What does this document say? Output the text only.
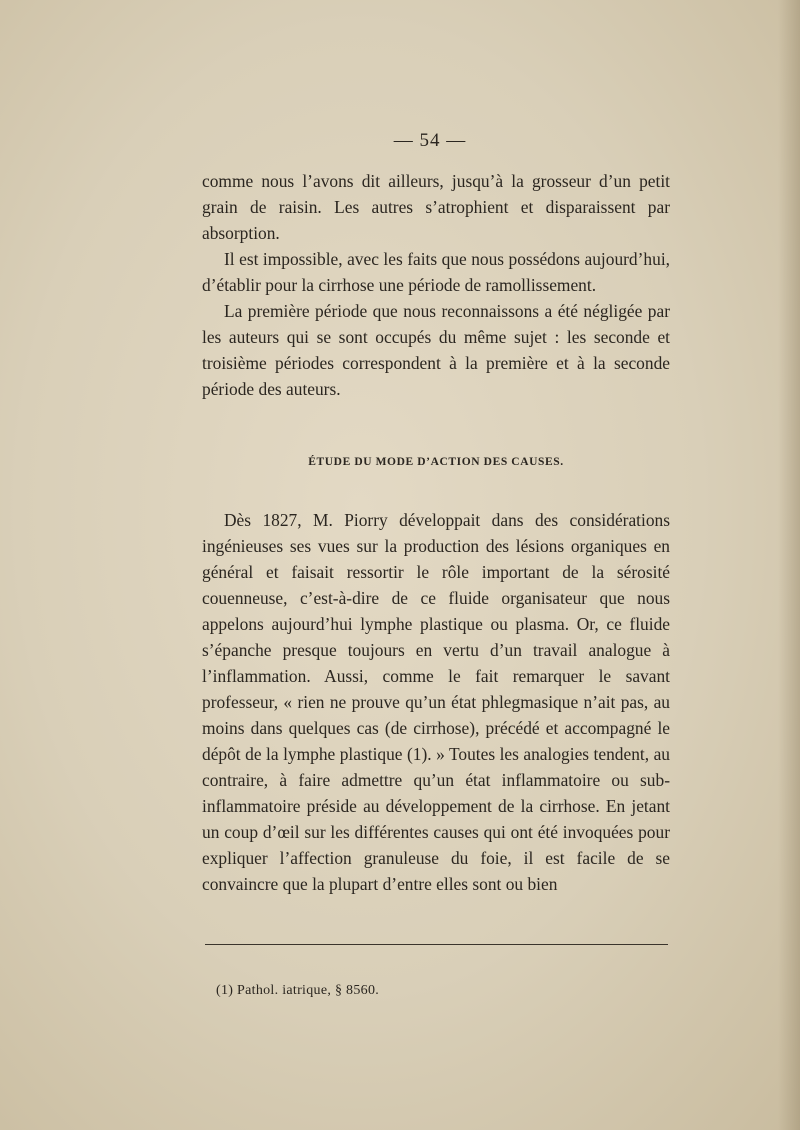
— 54 —

comme nous l’avons dit ailleurs, jusqu’à la grosseur d’un petit grain de raisin. Les autres s’atrophient et disparaissent par absorption.

Il est impossible, avec les faits que nous possédons aujourd’hui, d’établir pour la cirrhose une période de ramollissement.

La première période que nous reconnaissons a été négligée par les auteurs qui se sont occupés du même sujet : les seconde et troisième périodes correspondent à la première et à la seconde période des auteurs.

ÉTUDE DU MODE D’ACTION DES CAUSES.

Dès 1827, M. Piorry développait dans des considérations ingénieuses ses vues sur la production des lésions organiques en général et faisait ressortir le rôle important de la sérosité couenneuse, c’est-à-dire de ce fluide organisateur que nous appelons aujourd’hui lymphe plastique ou plasma. Or, ce fluide s’épanche presque toujours en vertu d’un travail analogue à l’inflammation. Aussi, comme le fait remarquer le savant professeur, « rien ne prouve qu’un état phlegmasique n’ait pas, au moins dans quelques cas (de cirrhose), précédé et accompagné le dépôt de la lymphe plastique (1). » Toutes les analogies tendent, au contraire, à faire admettre qu’un état inflammatoire ou sub-inflammatoire préside au développement de la cirrhose. En jetant un coup d’œil sur les différentes causes qui ont été invoquées pour expliquer l’affection granuleuse du foie, il est facile de se convaincre que la plupart d’entre elles sont ou bien

(1) Pathol. iatrique, § 8560.
